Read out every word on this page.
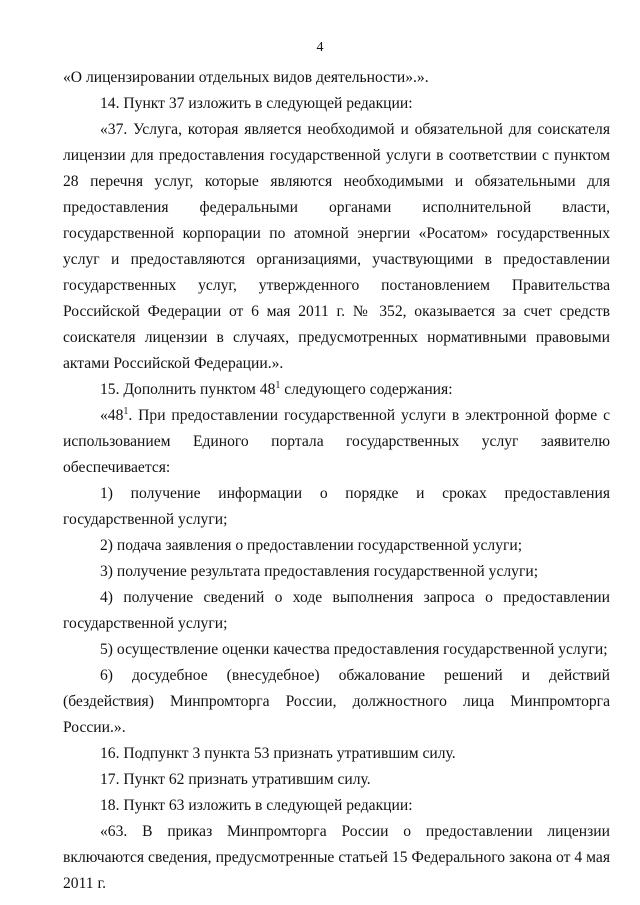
4

«О лицензировании отдельных видов деятельности».».

14. Пункт 37 изложить в следующей редакции:

«37. Услуга, которая является необходимой и обязательной для соискателя лицензии для предоставления государственной услуги в соответствии с пунктом 28 перечня услуг, которые являются необходимыми и обязательными для предоставления федеральными органами исполнительной власти, государственной корпорации по атомной энергии «Росатом» государственных услуг и предоставляются организациями, участвующими в предоставлении государственных услуг, утвержденного постановлением Правительства Российской Федерации от 6 мая 2011 г. № 352, оказывается за счет средств соискателя лицензии в случаях, предусмотренных нормативными правовыми актами Российской Федерации.».

15. Дополнить пунктом $48^1$ следующего содержания:

«$48^1$. При предоставлении государственной услуги в электронной форме с использованием Единого портала государственных услуг заявителю обеспечивается:

1) получение информации о порядке и сроках предоставления государственной услуги;

2) подача заявления о предоставлении государственной услуги;

3) получение результата предоставления государственной услуги;

4) получение сведений о ходе выполнения запроса о предоставлении государственной услуги;

5) осуществление оценки качества предоставления государственной услуги;

6) досудебное (внесудебное) обжалование решений и действий (бездействия) Минпромторга России, должностного лица Минпромторга России.».

16. Подпункт 3 пункта 53 признать утратившим силу.

17. Пункт 62 признать утратившим силу.

18. Пункт 63 изложить в следующей редакции:

«63. В приказ Минпромторга России о предоставлении лицензии включаются сведения, предусмотренные статьей 15 Федерального закона от 4 мая 2011 г.
